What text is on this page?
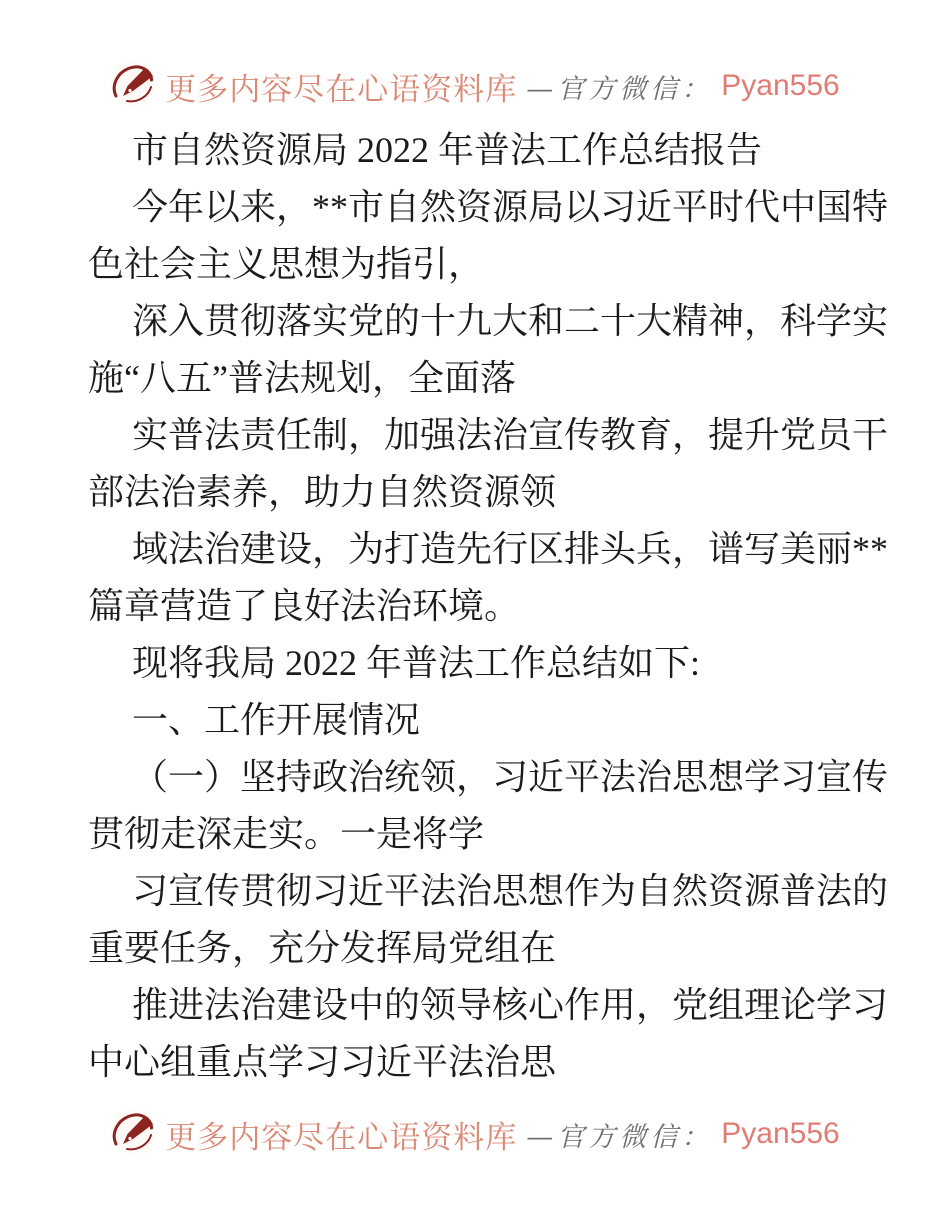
更多内容尽在心语资料库 —官方微信： Pyan556
市自然资源局 2022 年普法工作总结报告
今年以来，**市自然资源局以习近平时代中国特
色社会主义思想为指引，
深入贯彻落实党的十九大和二十大精神，科学实
施“八五”普法规划，全面落
实普法责任制，加强法治宣传教育，提升党员干
部法治素养，助力自然资源领
域法治建设，为打造先行区排头兵，谱写美丽**
篇章营造了良好法治环境。
现将我局 2022 年普法工作总结如下:
一、工作开展情况
（一）坚持政治统领，习近平法治思想学习宣传
贯彻走深走实。一是将学
习宣传贯彻习近平法治思想作为自然资源普法的
重要任务，充分发挥局党组在
推进法治建设中的领导核心作用，党组理论学习
中心组重点学习习近平法治思
更多内容尽在心语资料库 —官方微信： Pyan556
